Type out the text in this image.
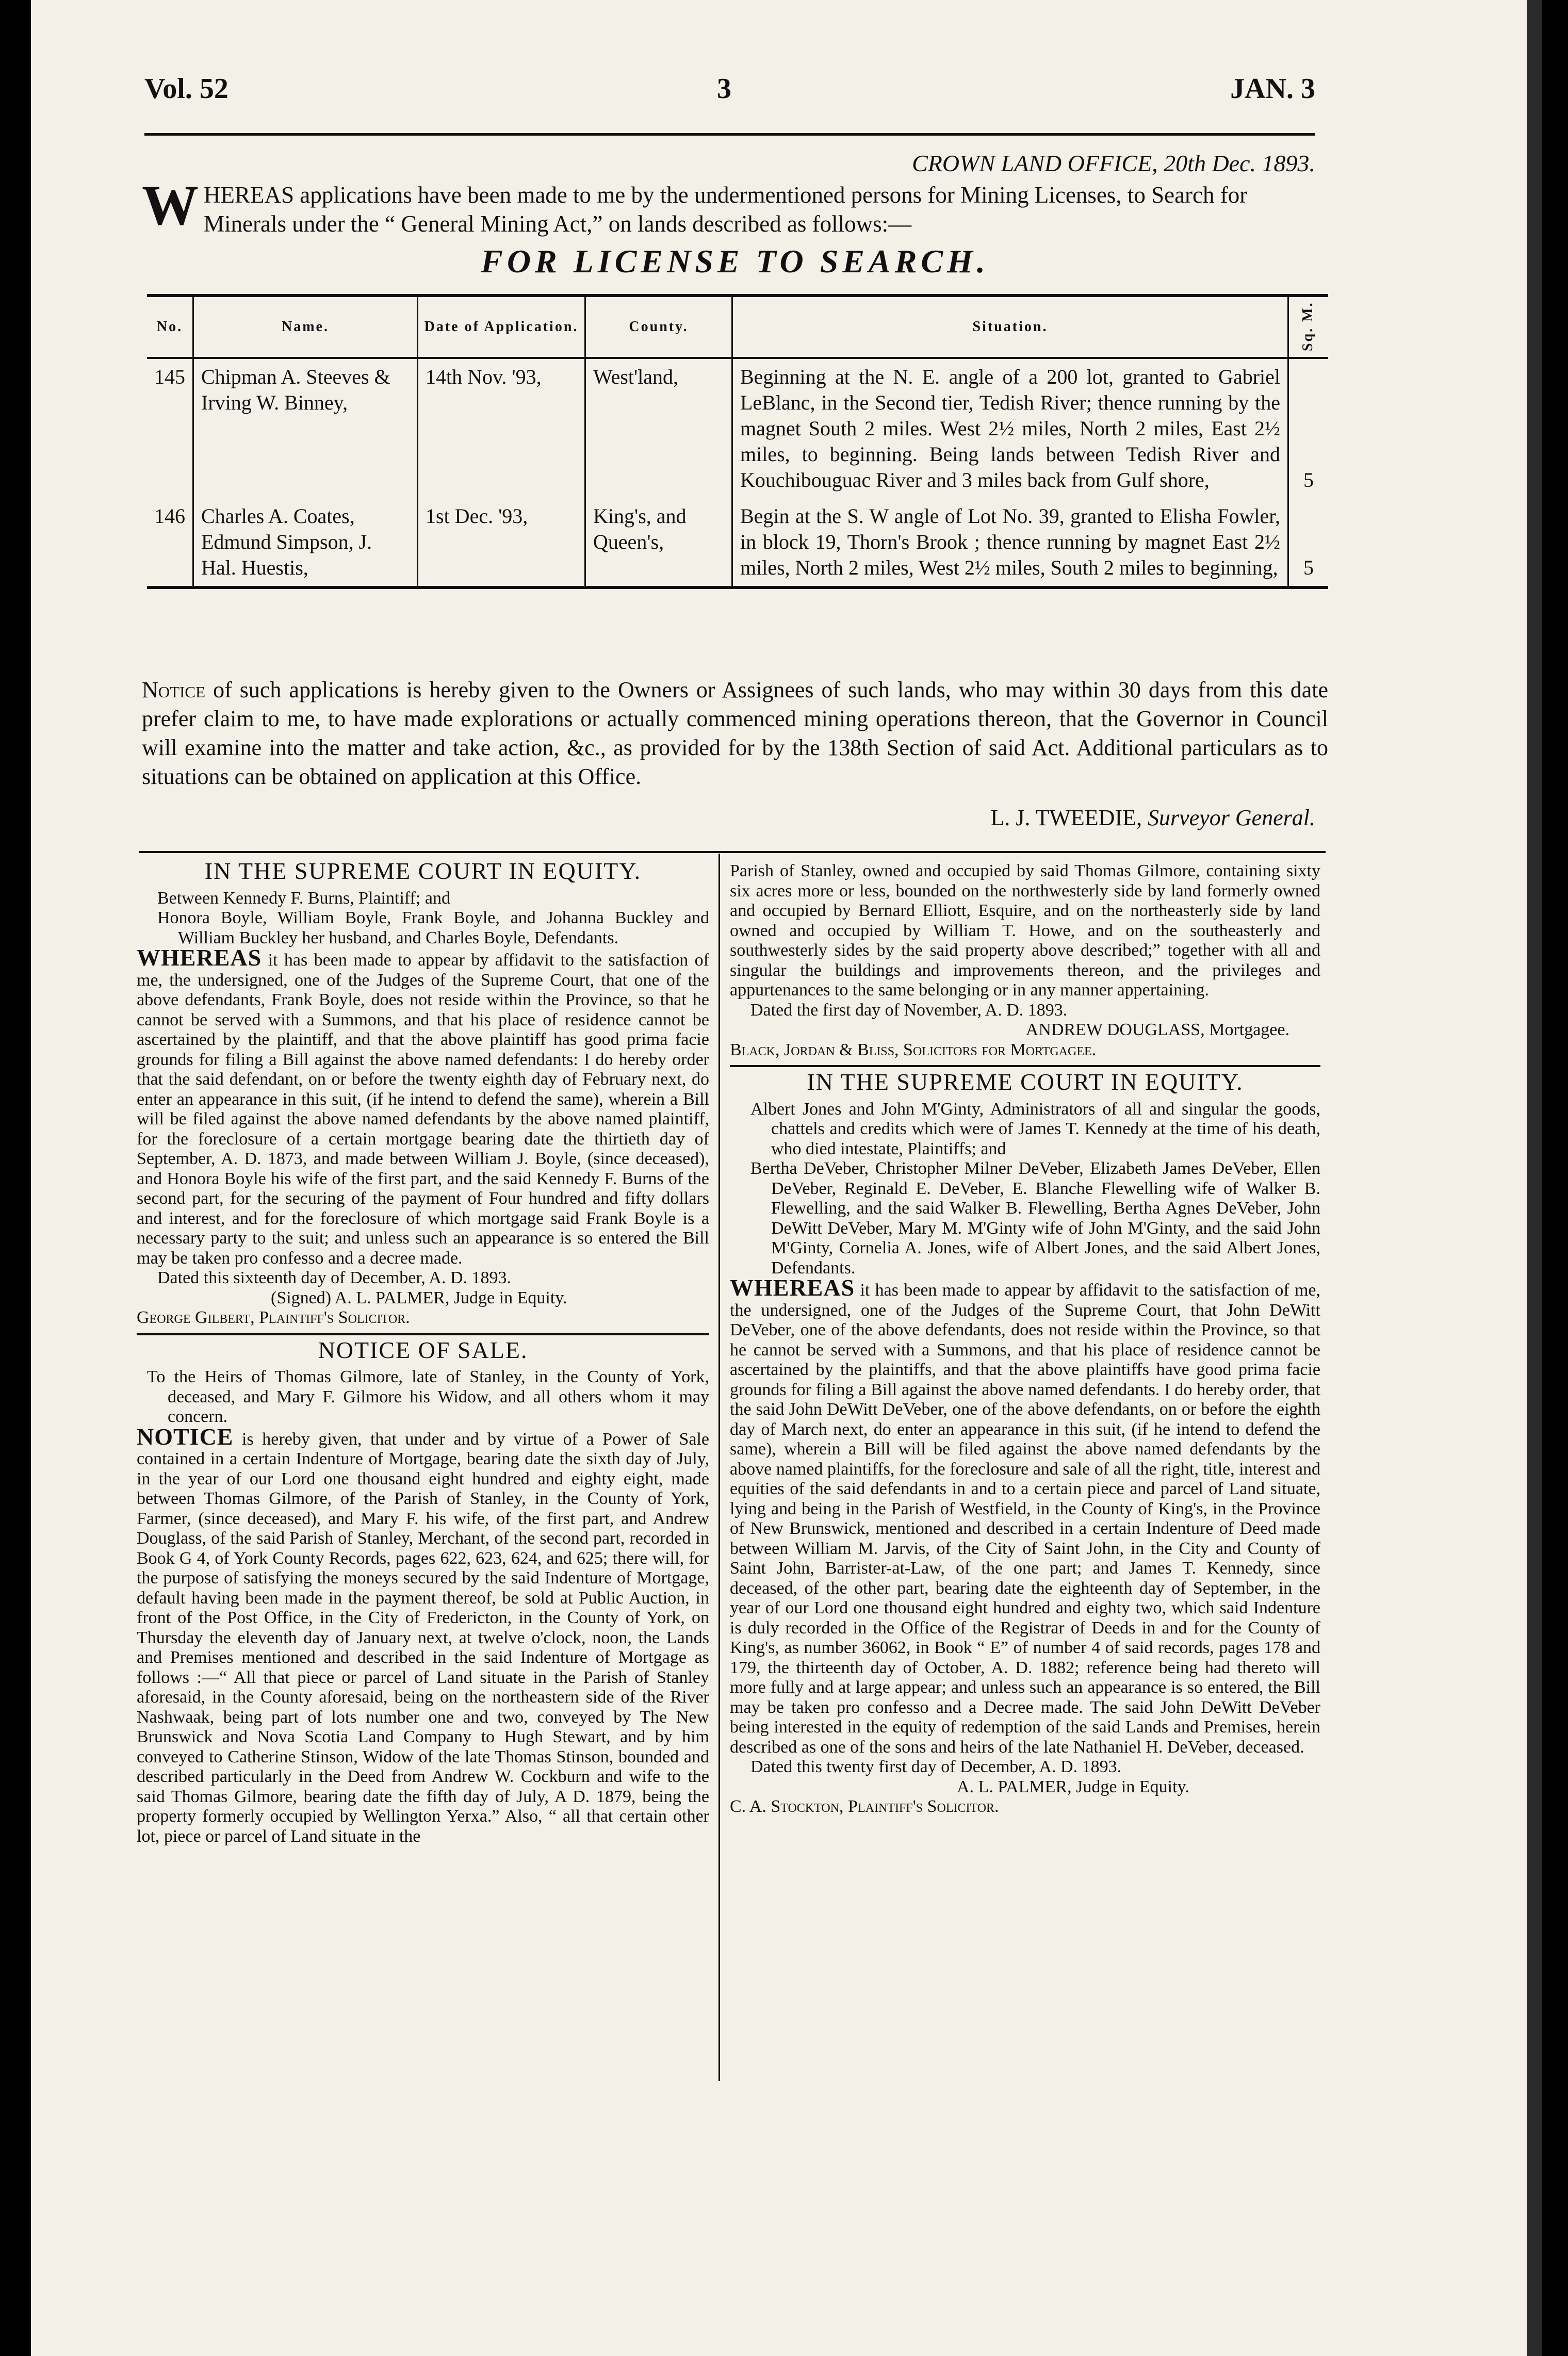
Vol. 52	3	JAN. 3
CROWN LAND OFFICE, 20th Dec. 1893.
WHEREAS applications have been made to me by the undermentioned persons for Mining Licenses, to Search for Minerals under the “ General Mining Act,” on lands described as follows:—
FOR LICENSE TO SEARCH.
No.	Name.	Date of Application.	County.	Situation.	Sq. M.
145	Chipman A. Steeves & Irving W. Binney,	14th Nov. '93,	West'land,	Beginning at the N. E. angle of a 200 lot, granted to Gabriel LeBlanc, in the Second tier, Tedish River; thence running by the magnet South 2 miles. West 2½ miles, North 2 miles, East 2½ miles, to beginning. Being lands between Tedish River and Kouchibouguac River and 3 miles back from Gulf shore,	5
146	Charles A. Coates, Edmund Simpson, J. Hal. Huestis,	1st Dec. '93,	King's, and Queen's,	Begin at the S. W angle of Lot No. 39, granted to Elisha Fowler, in block 19, Thorn's Brook ; thence running by magnet East 2½ miles, North 2 miles, West 2½ miles, South 2 miles to beginning,	5
Notice of such applications is hereby given to the Owners or Assignees of such lands, who may within 30 days from this date prefer claim to me, to have made explorations or actually commenced mining operations thereon, that the Governor in Council will examine into the matter and take action, &c., as provided for by the 138th Section of said Act. Additional particulars as to situations can be obtained on application at this Office.
L. J. TWEEDIE, Surveyor General.
IN THE SUPREME COURT IN EQUITY.

Between Kennedy F. Burns, Plaintiff; and

Honora Boyle, William Boyle, Frank Boyle, and Johanna Buckley and William Buckley her husband, and Charles Boyle, Defendants.

WHEREAS it has been made to appear by affidavit to the satisfaction of me, the undersigned, one of the Judges of the Supreme Court, that one of the above defendants, Frank Boyle, does not reside within the Province, so that he cannot be served with a Summons, and that his place of residence cannot be ascertained by the plaintiff, and that the above plaintiff has good prima facie grounds for filing a Bill against the above named defendants: I do hereby order that the said defendant, on or before the twenty eighth day of February next, do enter an appearance in this suit, (if he intend to defend the same), wherein a Bill will be filed against the above named defendants by the above named plaintiff, for the foreclosure of a certain mortgage bearing date the thirtieth day of September, A. D. 1873, and made between William J. Boyle, (since deceased), and Honora Boyle his wife of the first part, and the said Kennedy F. Burns of the second part, for the securing of the payment of Four hundred and fifty dollars and interest, and for the foreclosure of which mortgage said Frank Boyle is a necessary party to the suit; and unless such an appearance is so entered the Bill may be taken pro confesso and a decree made.

Dated this sixteenth day of December, A. D. 1893.

(Signed) A. L. PALMER, Judge in Equity.

George Gilbert, Plaintiff's Solicitor.

NOTICE OF SALE.

To the Heirs of Thomas Gilmore, late of Stanley, in the County of York, deceased, and Mary F. Gilmore his Widow, and all others whom it may concern.

NOTICE is hereby given, that under and by virtue of a Power of Sale contained in a certain Indenture of Mortgage, bearing date the sixth day of July, in the year of our Lord one thousand eight hundred and eighty eight, made between Thomas Gilmore, of the Parish of Stanley, in the County of York, Farmer, (since deceased), and Mary F. his wife, of the first part, and Andrew Douglass, of the said Parish of Stanley, Merchant, of the second part, recorded in Book G 4, of York County Records, pages 622, 623, 624, and 625; there will, for the purpose of satisfying the moneys secured by the said Indenture of Mortgage, default having been made in the payment thereof, be sold at Public Auction, in front of the Post Office, in the City of Fredericton, in the County of York, on Thursday the eleventh day of January next, at twelve o'clock, noon, the Lands and Premises mentioned and described in the said Indenture of Mortgage as follows :—“ All that piece or parcel of Land situate in the Parish of Stanley aforesaid, in the County aforesaid, being on the northeastern side of the River Nashwaak, being part of lots number one and two, conveyed by The New Brunswick and Nova Scotia Land Company to Hugh Stewart, and by him conveyed to Catherine Stinson, Widow of the late Thomas Stinson, bounded and described particularly in the Deed from Andrew W. Cockburn and wife to the said Thomas Gilmore, bearing date the fifth day of July, A D. 1879, being the property formerly occupied by Wellington Yerxa.” Also, “ all that certain other lot, piece or parcel of Land situate in the

Parish of Stanley, owned and occupied by said Thomas Gilmore, containing sixty six acres more or less, bounded on the northwesterly side by land formerly owned and occupied by Bernard Elliott, Esquire, and on the northeasterly side by land owned and occupied by William T. Howe, and on the southeasterly and southwesterly sides by the said property above described;” together with all and singular the buildings and improvements thereon, and the privileges and appurtenances to the same belonging or in any manner appertaining.

Dated the first day of November, A. D. 1893.

ANDREW DOUGLASS, Mortgagee.

Black, Jordan & Bliss, Solicitors for Mortgagee.

IN THE SUPREME COURT IN EQUITY.

Albert Jones and John M'Ginty, Administrators of all and singular the goods, chattels and credits which were of James T. Kennedy at the time of his death, who died intestate, Plaintiffs; and

Bertha DeVeber, Christopher Milner DeVeber, Elizabeth James DeVeber, Ellen DeVeber, Reginald E. DeVeber, E. Blanche Flewelling wife of Walker B. Flewelling, and the said Walker B. Flewelling, Bertha Agnes DeVeber, John DeWitt DeVeber, Mary M. M'Ginty wife of John M'Ginty, and the said John M'Ginty, Cornelia A. Jones, wife of Albert Jones, and the said Albert Jones, Defendants.

WHEREAS it has been made to appear by affidavit to the satisfaction of me, the undersigned, one of the Judges of the Supreme Court, that John DeWitt DeVeber, one of the above defendants, does not reside within the Province, so that he cannot be served with a Summons, and that his place of residence cannot be ascertained by the plaintiffs, and that the above plaintiffs have good prima facie grounds for filing a Bill against the above named defendants. I do hereby order, that the said John DeWitt DeVeber, one of the above defendants, on or before the eighth day of March next, do enter an appearance in this suit, (if he intend to defend the same), wherein a Bill will be filed against the above named defendants by the above named plaintiffs, for the foreclosure and sale of all the right, title, interest and equities of the said defendants in and to a certain piece and parcel of Land situate, lying and being in the Parish of Westfield, in the County of King's, in the Province of New Brunswick, mentioned and described in a certain Indenture of Deed made between William M. Jarvis, of the City of Saint John, in the City and County of Saint John, Barrister-at-Law, of the one part; and James T. Kennedy, since deceased, of the other part, bearing date the eighteenth day of September, in the year of our Lord one thousand eight hundred and eighty two, which said Indenture is duly recorded in the Office of the Registrar of Deeds in and for the County of King's, as number 36062, in Book “ E” of number 4 of said records, pages 178 and 179, the thirteenth day of October, A. D. 1882; reference being had thereto will more fully and at large appear; and unless such an appearance is so entered, the Bill may be taken pro confesso and a Decree made. The said John DeWitt DeVeber being interested in the equity of redemption of the said Lands and Premises, herein described as one of the sons and heirs of the late Nathaniel H. DeVeber, deceased.

Dated this twenty first day of December, A. D. 1893.

A. L. PALMER, Judge in Equity.

C. A. Stockton, Plaintiff's Solicitor.
